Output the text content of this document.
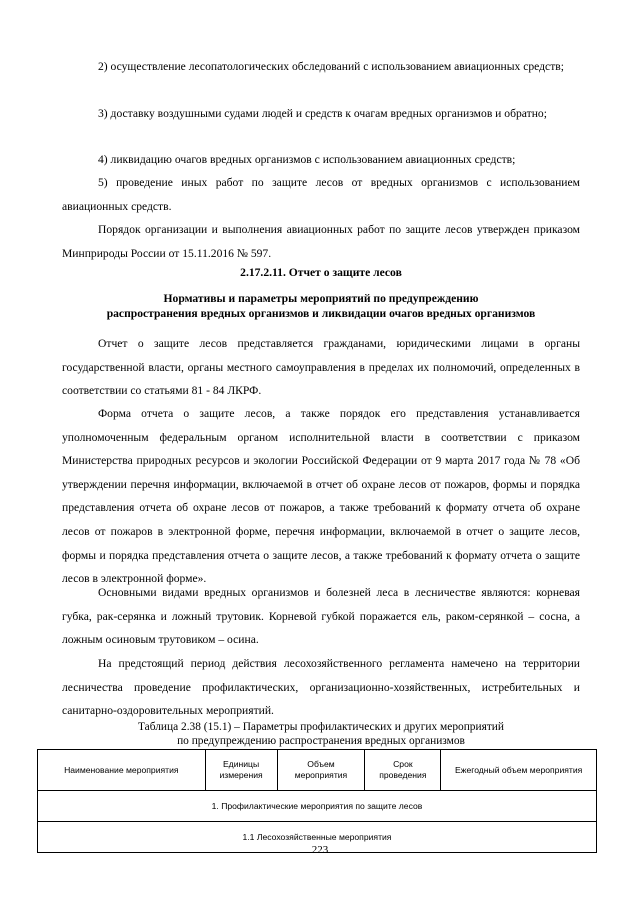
2) осуществление лесопатологических обследований с использованием авиационных средств;

3) доставку воздушными судами людей и средств к очагам вредных организмов и обратно;

4) ликвидацию очагов вредных организмов с использованием авиационных средств;

5) проведение иных работ по защите лесов от вредных организмов с использованием авиационных средств.

Порядок организации и выполнения авиационных работ по защите лесов утвержден приказом Минприроды России от 15.11.2016 № 597.

2.17.2.11. Отчет о защите лесов

Нормативы и параметры мероприятий по предупреждению

распространения вредных организмов и ликвидации очагов вредных организмов

Отчет о защите лесов представляется гражданами, юридическими лицами в органы государственной власти, органы местного самоуправления в пределах их полномочий, определенных в соответствии со статьями 81 - 84 ЛКРФ.

Форма отчета о защите лесов, а также порядок его представления устанавливается уполномоченным федеральным органом исполнительной власти в соответствии с приказом Министерства природных ресурсов и экологии Российской Федерации от 9 марта 2017 года № 78 «Об утверждении перечня информации, включаемой в отчет об охране лесов от пожаров, формы и порядка представления отчета об охране лесов от пожаров, а также требований к формату отчета об охране лесов от пожаров в электронной форме, перечня информации, включаемой в отчет о защите лесов, формы и порядка представления отчета о защите лесов, а также требований к формату отчета о защите лесов в электронной форме».

Основными видами вредных организмов и болезней леса в лесничестве являются: корневая губка, рак-серянка и ложный трутовик. Корневой губкой поражается ель, раком-серянкой – сосна, а ложным осиновым трутовиком – осина.

На предстоящий период действия лесохозяйственного регламента намечено на территории лесничества проведение профилактических, организационно-хозяйственных, истребительных и санитарно-оздоровительных мероприятий.

Таблица 2.38 (15.1) – Параметры профилактических и других мероприятий

по предупреждению распространения вредных организмов

Наименование мероприятия	Единицы измерения	Объем мероприятия	Срок проведения	Ежегодный объем мероприятия
1. Профилактические мероприятия по защите лесов
1.1 Лесохозяйственные мероприятия
223
